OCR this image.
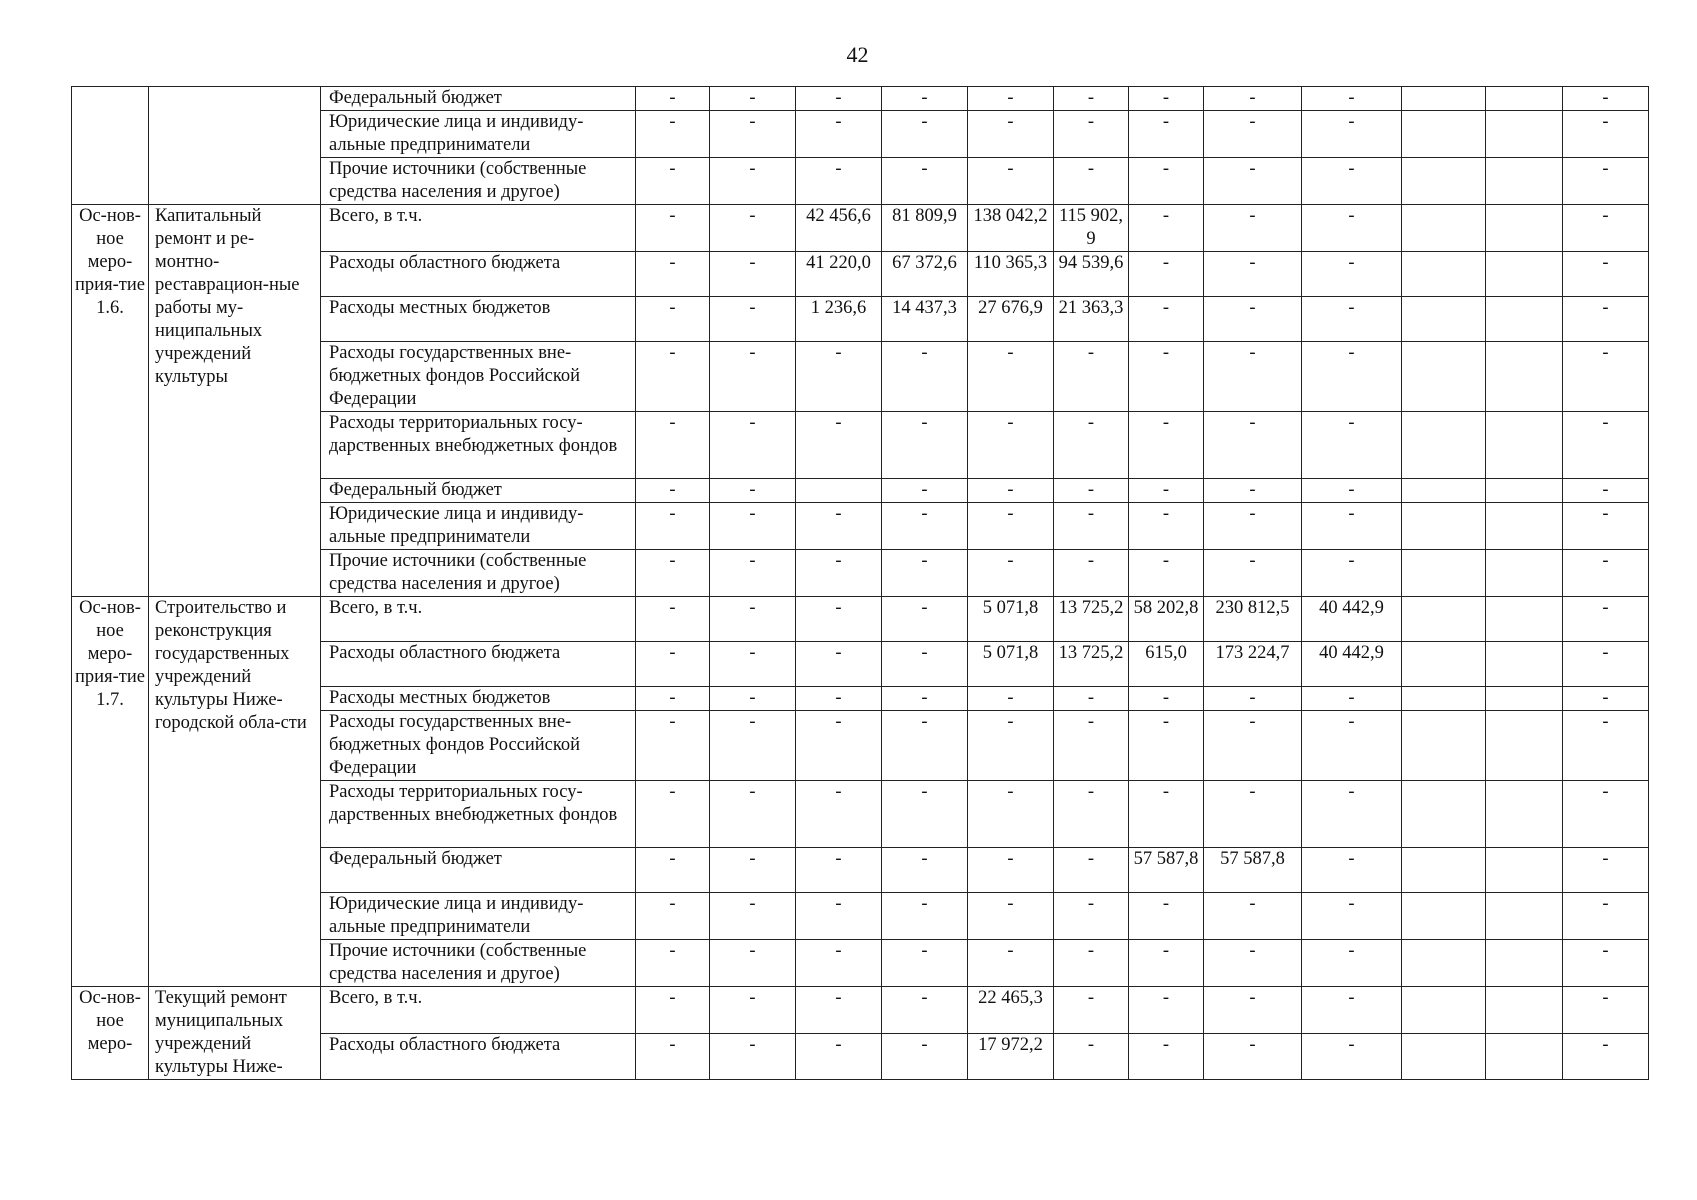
42
		Федеральный бюджет	-	-	-	-	-	-	-	-	-			-
		Юридические лица и индивиду-альные предприниматели	-	-	-	-	-	-	-	-	-			-
		Прочие источники (собственные средства населения и другое)	-	-	-	-	-	-	-	-	-			-
Ос-нов-ное меро-прия-тие 1.6.	Капитальный ремонт и ре-монтно-реставрацион-ные работы му-ниципальных учреждений культуры	Всего, в т.ч.	-	-	42 456,6	81 809,9	138 042,2	115 902,9	-	-	-			-
		Расходы областного бюджета	-	-	41 220,0	67 372,6	110 365,3	94 539,6	-	-	-			-
		Расходы местных бюджетов	-	-	1 236,6	14 437,3	27 676,9	21 363,3	-	-	-			-
		Расходы государственных вне-бюджетных фондов Российской Федерации	-	-	-	-	-	-	-	-	-			-
		Расходы территориальных госу-дарственных внебюджетных фондов	-	-	-	-	-	-	-	-	-			-
		Федеральный бюджет	-	-		-	-	-	-	-	-			-
		Юридические лица и индивиду-альные предприниматели	-	-	-	-	-	-	-	-	-			-
		Прочие источники (собственные средства населения и другое)	-	-	-	-	-	-	-	-	-			-
Ос-нов-ное меро-прия-тие 1.7.	Строительство и реконструкция государственных учреждений культуры Ниже-городской обла-сти	Всего, в т.ч.	-	-	-	-	5 071,8	13 725,2	58 202,8	230 812,5	40 442,9			-
		Расходы областного бюджета	-	-	-	-	5 071,8	13 725,2	615,0	173 224,7	40 442,9			-
		Расходы местных бюджетов	-	-	-	-	-	-	-	-	-			-
		Расходы государственных вне-бюджетных фондов Российской Федерации	-	-	-	-	-	-	-	-	-			-
		Расходы территориальных госу-дарственных внебюджетных фондов	-	-	-	-	-	-	-	-	-			-
		Федеральный бюджет	-	-	-	-	-	-	57 587,8	57 587,8	-			-
		Юридические лица и индивиду-альные предприниматели	-	-	-	-	-	-	-	-	-			-
		Прочие источники (собственные средства населения и другое)	-	-	-	-	-	-	-	-	-			-
Ос-нов-ное меро-	Текущий ремонт муниципальных учреждений культуры Ниже-	Всего, в т.ч.	-	-	-	-	22 465,3	-	-	-	-			-
		Расходы областного бюджета	-	-	-	-	17 972,2	-	-	-	-			-
